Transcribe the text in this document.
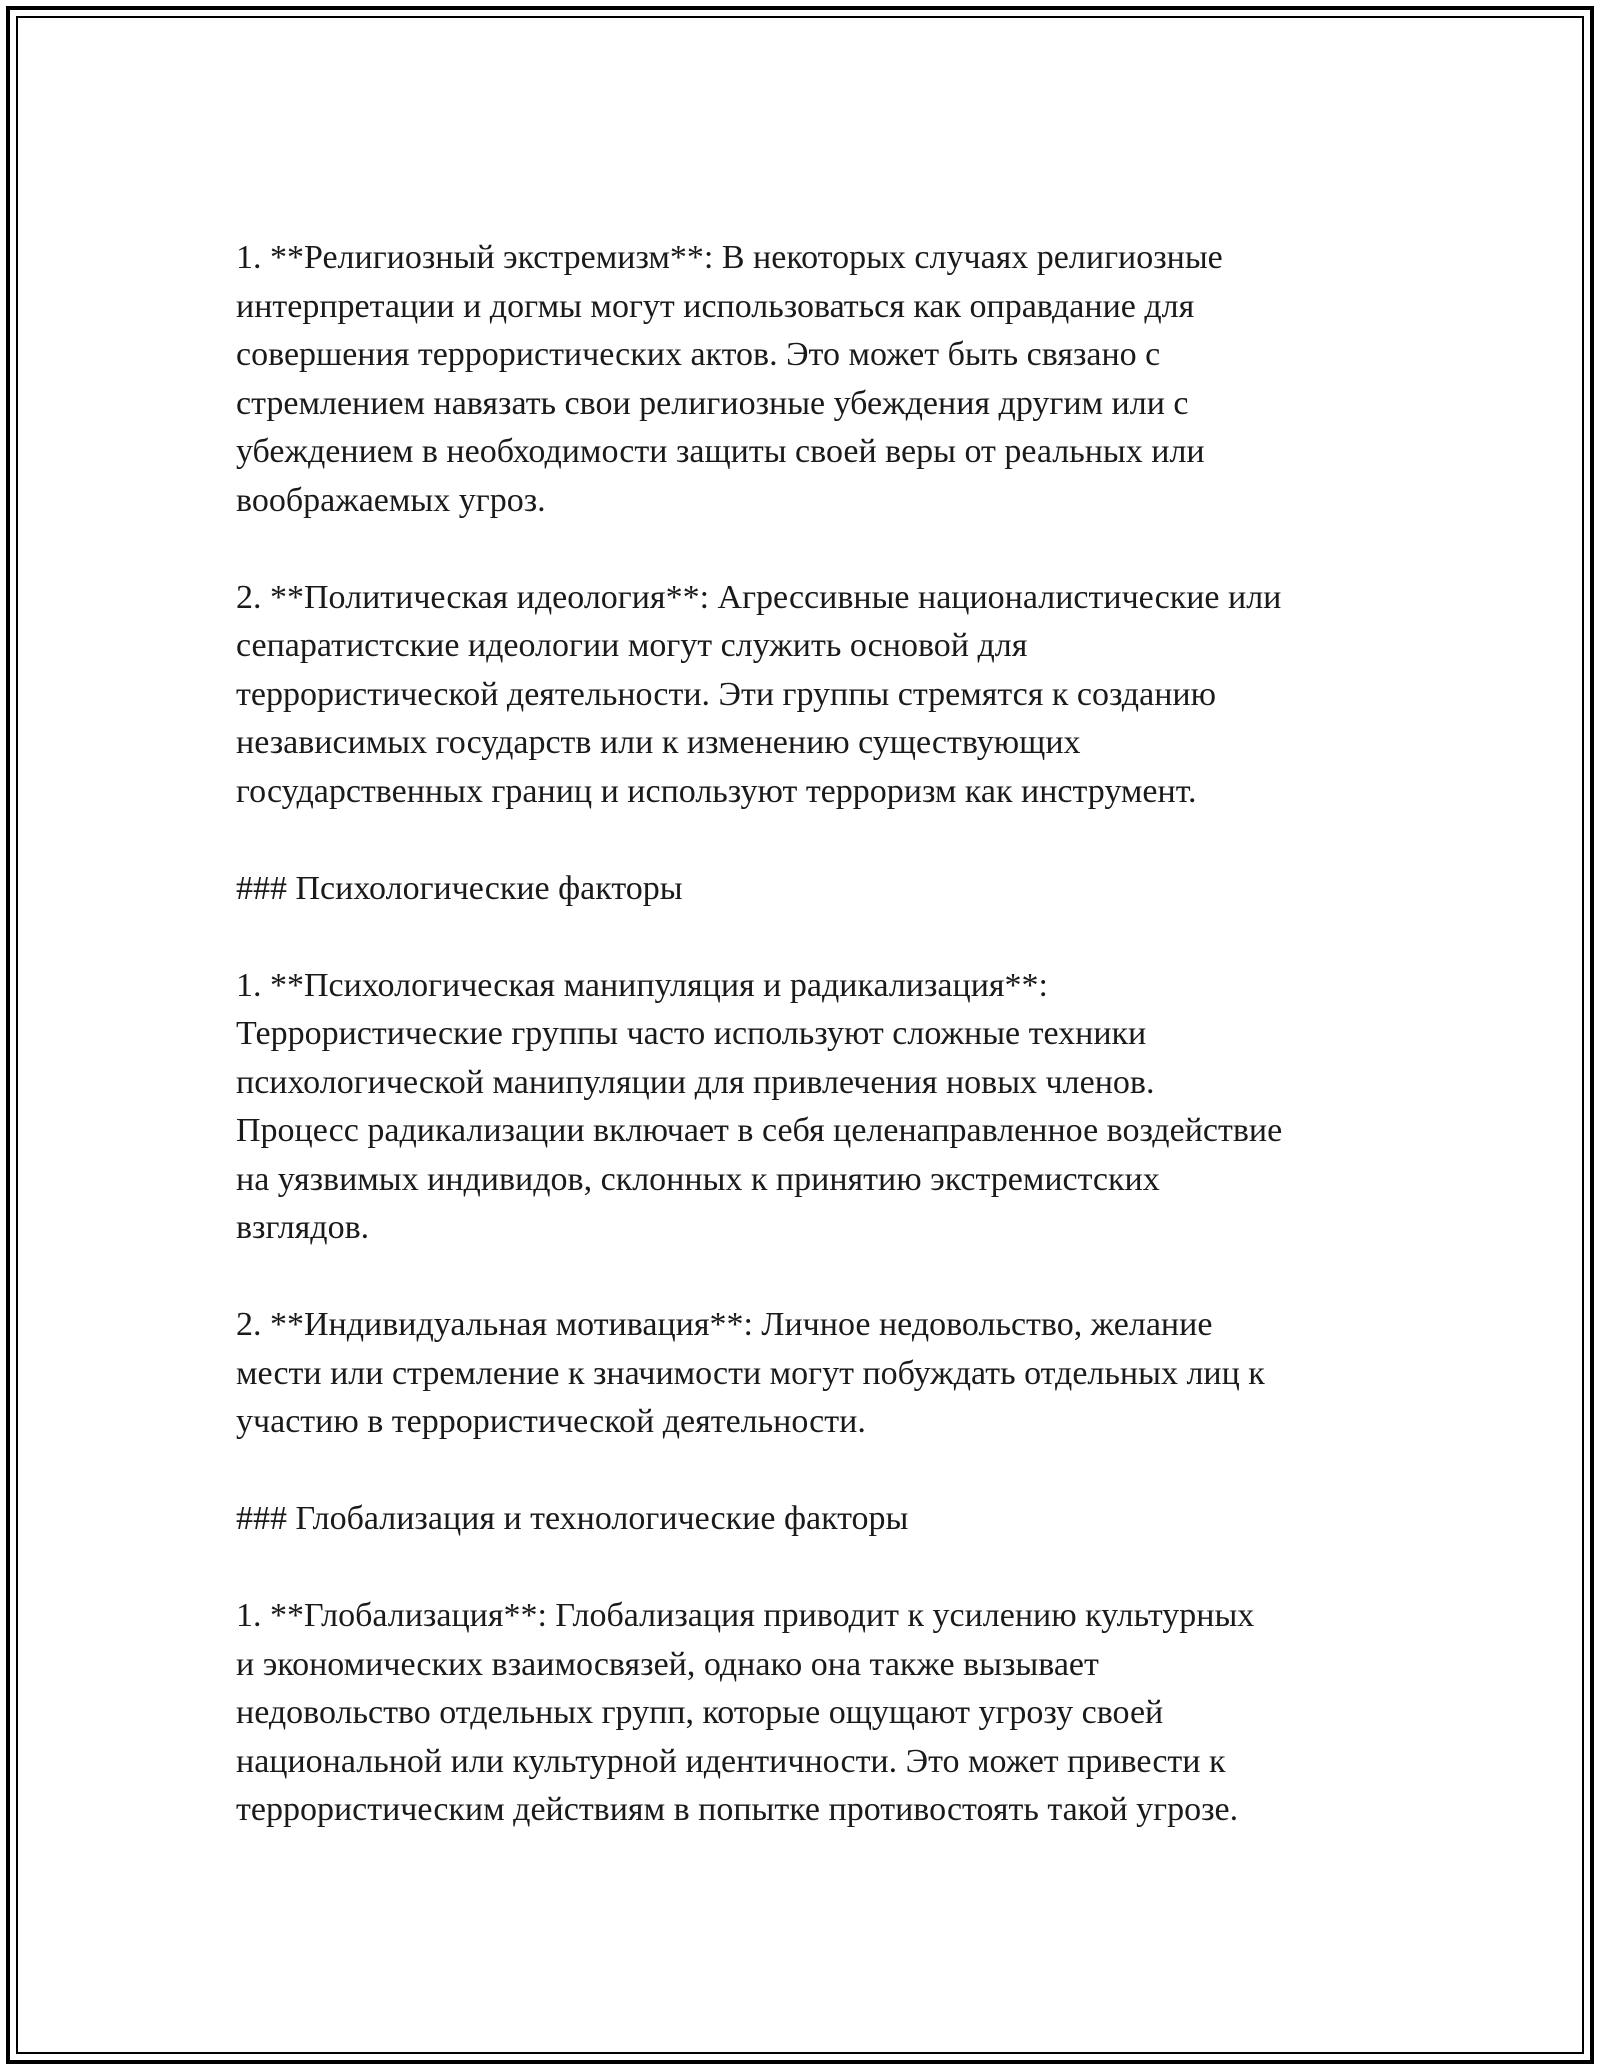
1. **Религиозный экстремизм**: В некоторых случаях религиозные
интерпретации и догмы могут использоваться как оправдание для
совершения террористических актов. Это может быть связано с
стремлением навязать свои религиозные убеждения другим или с
убеждением в необходимости защиты своей веры от реальных или
воображаемых угроз.

2. **Политическая идеология**: Агрессивные националистические или
сепаратистские идеологии могут служить основой для
террористической деятельности. Эти группы стремятся к созданию
независимых государств или к изменению существующих
государственных границ и используют терроризм как инструмент.

### Психологические факторы

1. **Психологическая манипуляция и радикализация**:
Террористические группы часто используют сложные техники
психологической манипуляции для привлечения новых членов.
Процесс радикализации включает в себя целенаправленное воздействие
на уязвимых индивидов, склонных к принятию экстремистских
взглядов.

2. **Индивидуальная мотивация**: Личное недовольство, желание
мести или стремление к значимости могут побуждать отдельных лиц к
участию в террористической деятельности.

### Глобализация и технологические факторы

1. **Глобализация**: Глобализация приводит к усилению культурных
и экономических взаимосвязей, однако она также вызывает
недовольство отдельных групп, которые ощущают угрозу своей
национальной или культурной идентичности. Это может привести к
террористическим действиям в попытке противостоять такой угрозе.
